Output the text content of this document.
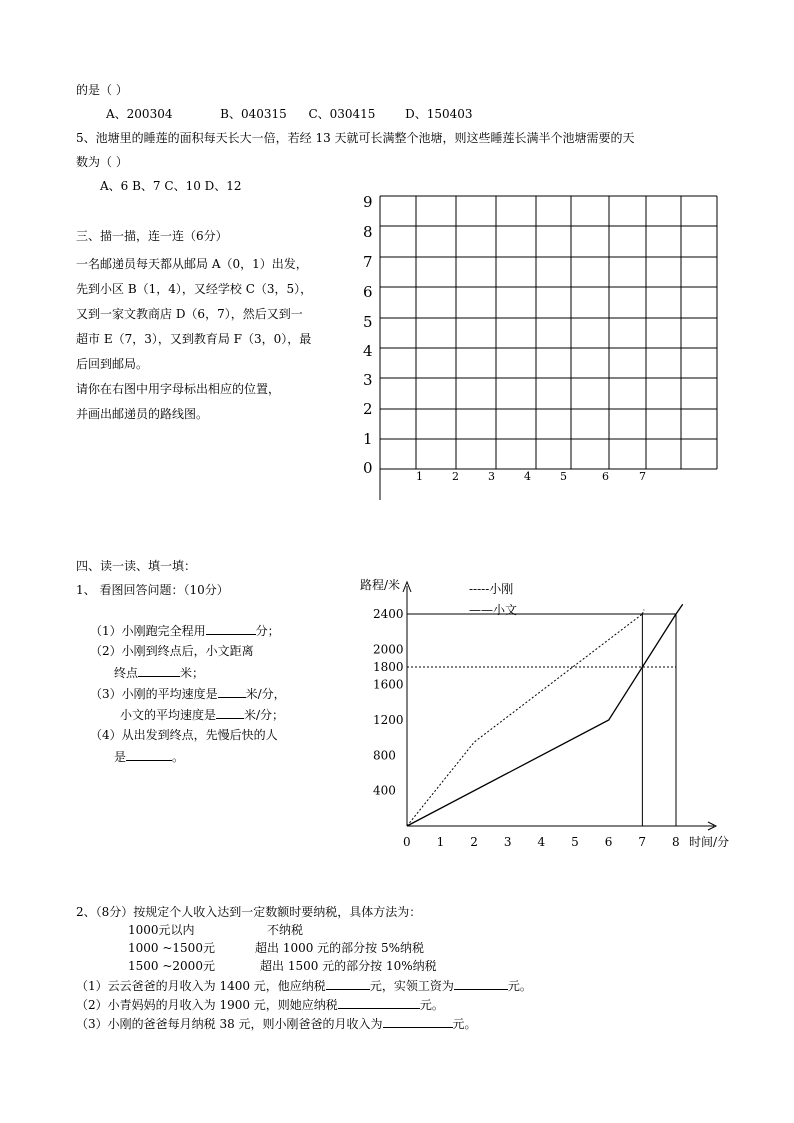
的是（ ）
A、200304	B、040315 C、030415 D、150403
5、池塘里的睡莲的面积每天长大一倍，若经 13 天就可长满整个池塘，则这些睡莲长满半个池塘需要的天
数为（ ）
A、6 B、7 C、10 D、12
三、描一描，连一连（6分）
一名邮递员每天都从邮局 A（0，1）出发，
先到小区 B（1，4），又经学校 C（3，5），
又到一家文教商店 D（6，7），然后又到一
超市 E（7，3），又到教育局 F（3，0），最
后回到邮局。
请你在右图中用字母标出相应的位置，
并画出邮递员的路线图。
9
8
7
6
5
4
3
2
1
0	1	2	3	4	5	6	7
四、读一读、填一填：
1、 看图回答问题：（10分）
（1）小刚跑完全程用	分；
（2）小刚到终点后，小文距离
终点	米；
（3）小刚的平均速度是 米/分，
小文的平均速度是 米/分；
（4）从出发到终点，先慢后快的人
是	。
0 1 2 3 4 5 6 7 8
400
800
1200
1600
1800
2000
2400
路程/米
时间/分
-----小刚
——小文
2、（8分）按规定个人收入达到一定数额时要纳税，具体方法为：
1000元以内	不纳税
1000 ~1500元	超出 1000 元的部分按 5%纳税
1500 ~2000元	超出 1500 元的部分按 10%纳税
（1）云云爸爸的月收入为 1400 元，他应纳税	元，实领工资为	元。
（2）小青妈妈的月收入为 1900 元，则她应纳税	元。
（3）小刚的爸爸每月纳税 38 元，则小刚爸爸的月收入为	元。
